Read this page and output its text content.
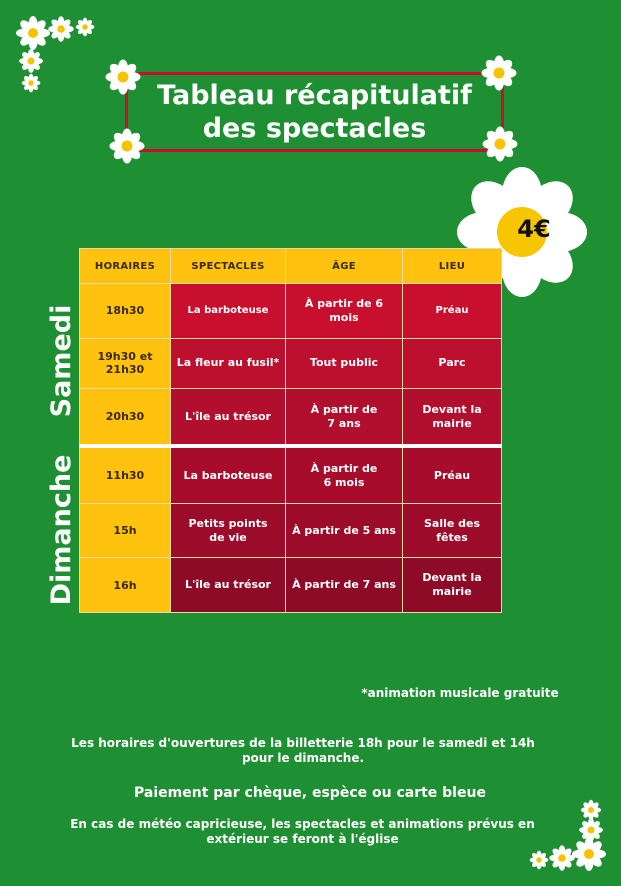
Tableau récapitulatif
des spectacles
4€
Samedi
Dimanche
HORAIRES	SPECTACLES	ÂGE	LIEU
18h30	La barboteuse	À partir de 6 mois	Préau
19h30 et 21h30	La fleur au fusil*	Tout public	Parc
20h30	L'île au trésor	À partir de 7 ans	Devant la mairie
11h30	La barboteuse	À partir de 6 mois	Préau
15h	Petits points de vie	À partir de 5 ans	Salle des fêtes
16h	L'île au trésor	À partir de 7 ans	Devant la mairie
*animation musicale gratuite
Les horaires d'ouvertures de la billetterie 18h pour le samedi et 14h pour le dimanche.
Paiement par chèque, espèce ou carte bleue
En cas de météo capricieuse, les spectacles et animations prévus en extérieur se feront à l'église
